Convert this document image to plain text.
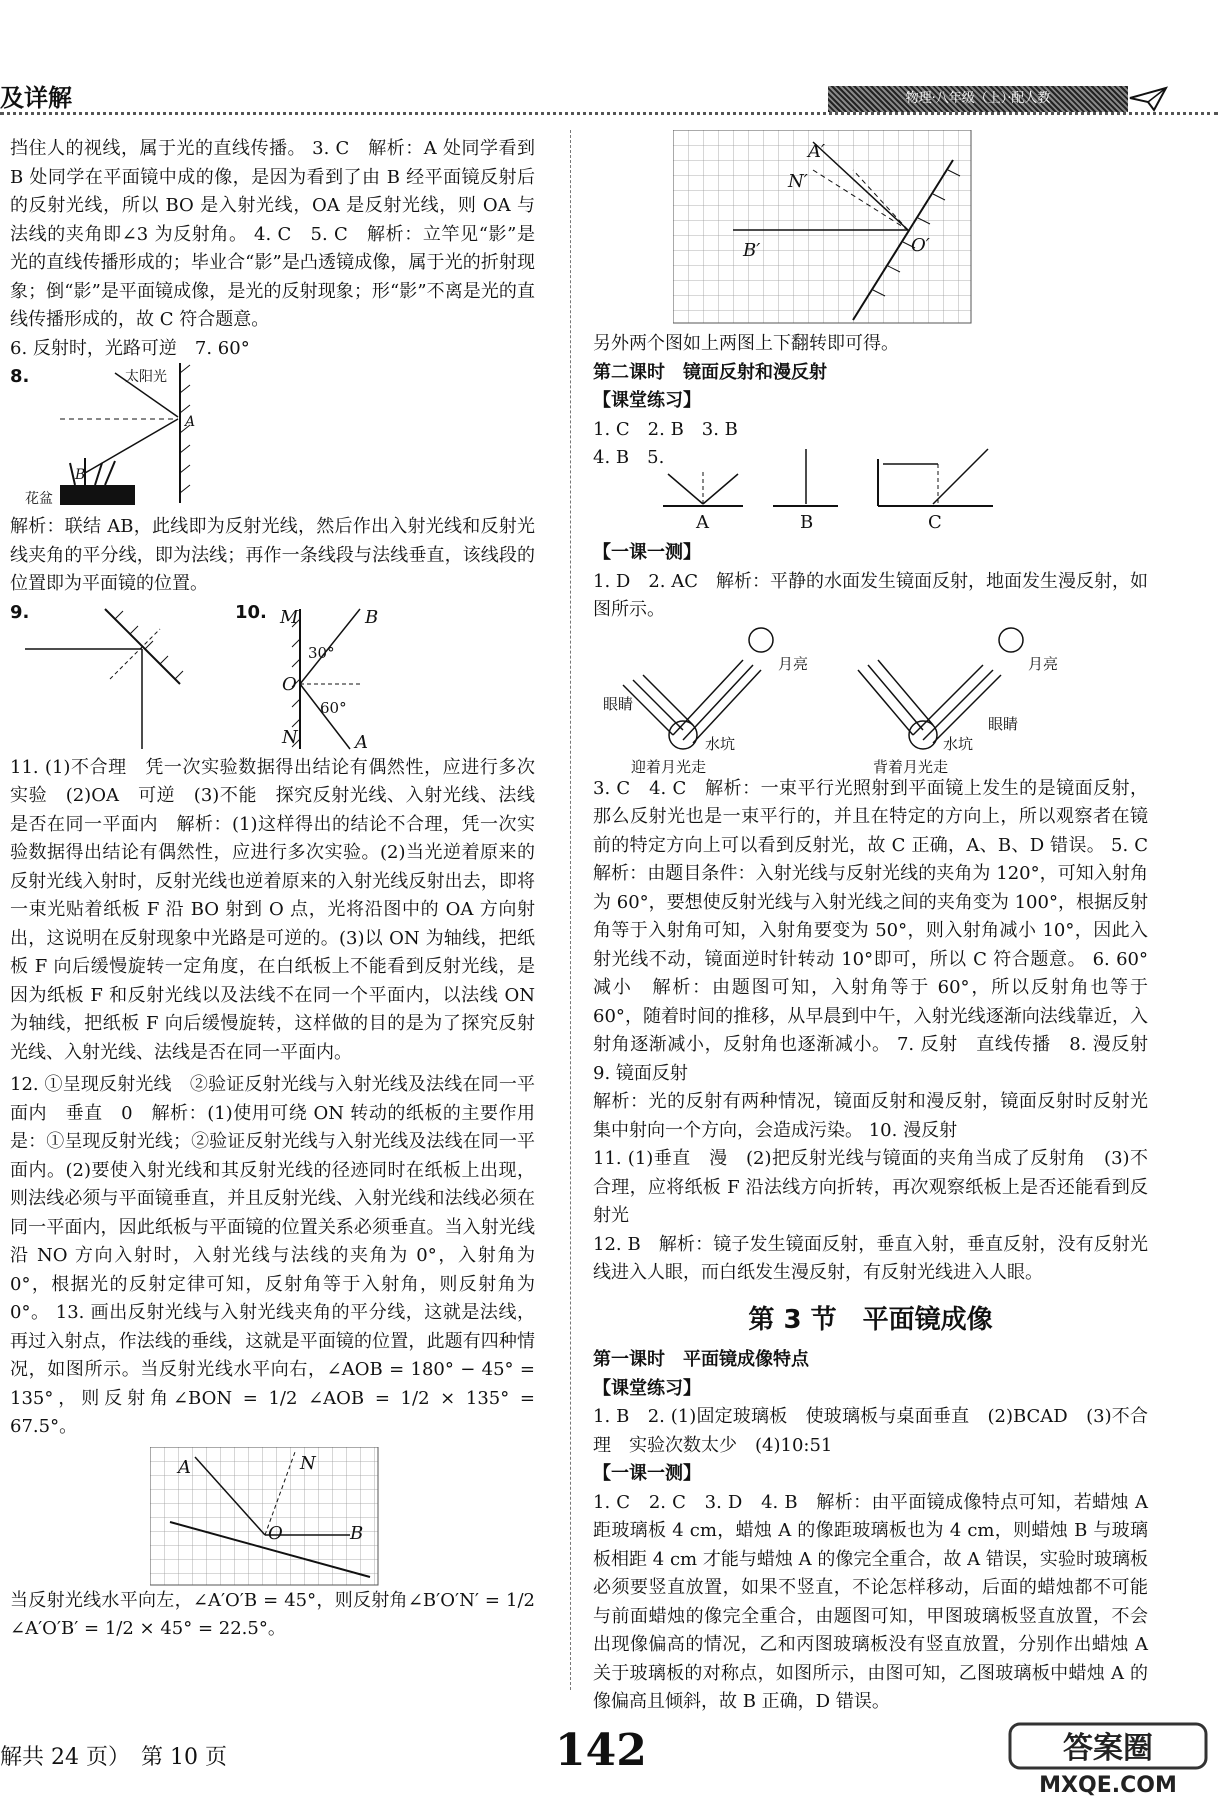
及详解	物理·八年级（上）·配人教

挡住人的视线，属于光的直线传播。 3. C　解析：A 处同学看到 B 处同学在平面镜中成的像，是因为看到了由 B 经平面镜反射后的反射光线，所以 BO 是入射光线，OA 是反射光线，则 OA 与法线的夹角即∠3 为反射角。 4. C　5. C　解析：立竿见“影”是光的直线传播形成的；毕业合“影”是凸透镜成像，属于光的折射现象；倒“影”是平面镜成像，是光的反射现象；形“影”不离是光的直线传播形成的，故 C 符合题意。

6. 反射时，光路可逆　7. 60°

8.	太阳光
A
B
花盆

解析：联结 AB，此线即为反射光线，然后作出入射光线和反射光线夹角的平分线，即为法线；再作一条线段与法线垂直，该线段的位置即为平面镜的位置。

9.	10. M	B
30°
O
60°
N	A

11. (1)不合理　凭一次实验数据得出结论有偶然性，应进行多次实验　(2)OA　可逆　(3)不能　探究反射光线、入射光线、法线是否在同一平面内　解析：(1)这样得出的结论不合理，凭一次实验数据得出结论有偶然性，应进行多次实验。(2)当光逆着原来的反射光线入射时，反射光线也逆着原来的入射光线反射出去，即将一束光贴着纸板 F 沿 BO 射到 O 点，光将沿图中的 OA 方向射出，这说明在反射现象中光路是可逆的。(3)以 ON 为轴线，把纸板 F 向后缓慢旋转一定角度，在白纸板上不能看到反射光线，是因为纸板 F 和反射光线以及法线不在同一个平面内，以法线 ON 为轴线，把纸板 F 向后缓慢旋转，这样做的目的是为了探究反射光线、入射光线、法线是否在同一平面内。

12. ①呈现反射光线　②验证反射光线与入射光线及法线在同一平面内　垂直　0　解析：(1)使用可绕 ON 转动的纸板的主要作用是：①呈现反射光线；②验证反射光线与入射光线及法线在同一平面内。(2)要使入射光线和其反射光线的径迹同时在纸板上出现，则法线必须与平面镜垂直，并且反射光线、入射光线和法线必须在同一平面内，因此纸板与平面镜的位置关系必须垂直。当入射光线沿 NO 方向入射时，入射光线与法线的夹角为 0°，入射角为 0°，根据光的反射定律可知，反射角等于入射角，则反射角为 0°。 13. 画出反射光线与入射光线夹角的平分线，这就是法线，再过入射点，作法线的垂线，这就是平面镜的位置，此题有四种情况，如图所示。当反射光线水平向右，∠AOB = 180° − 45° = 135°，则反射角∠BON = 1/2 ∠AOB = 1/2 × 135° = 67.5°。

A	N
O	B

当反射光线水平向左，∠A′O′B = 45°，则反射角∠B′O′N′ = 1/2 ∠A′O′B′ = 1/2 × 45° = 22.5°。

A′
N′
B′	O′

另外两个图如上两图上下翻转即可得。

第二课时　镜面反射和漫反射

【课堂练习】

1. C　2. B　3. B

4. B　5.
A	B	C

【一课一测】

1. D　2. AC　解析：平静的水面发生镜面反射，地面发生漫反射，如图所示。

月亮
眼睛
水坑
迎着月光走
月亮
眼睛
水坑
背着月光走

3. C　4. C　解析：一束平行光照射到平面镜上发生的是镜面反射，那么反射光也是一束平行的，并且在特定的方向上，所以观察者在镜前的特定方向上可以看到反射光，故 C 正确，A、B、D 错误。 5. C　解析：由题目条件：入射光线与反射光线的夹角为 120°，可知入射角为 60°，要想使反射光线与入射光线之间的夹角变为 100°，根据反射角等于入射角可知，入射角要变为 50°，则入射角减小 10°，因此入射光线不动，镜面逆时针转动 10°即可，所以 C 符合题意。 6. 60°　减小　解析：由题图可知，入射角等于 60°，所以反射角也等于 60°，随着时间的推移，从早晨到中午，入射光线逐渐向法线靠近，入射角逐渐减小，反射角也逐渐减小。 7. 反射　直线传播　8. 漫反射　9. 镜面反射

解析：光的反射有两种情况，镜面反射和漫反射，镜面反射时反射光集中射向一个方向，会造成污染。 10. 漫反射

11. (1)垂直　漫　(2)把反射光线与镜面的夹角当成了反射角　(3)不合理，应将纸板 F 沿法线方向折转，再次观察纸板上是否还能看到反射光

12. B　解析：镜子发生镜面反射，垂直入射，垂直反射，没有反射光线进入人眼，而白纸发生漫反射，有反射光线进入人眼。

第 3 节　平面镜成像

第一课时　平面镜成像特点

【课堂练习】

1. B　2. (1)固定玻璃板　使玻璃板与桌面垂直　(2)BCAD　(3)不合理　实验次数太少　(4)10:51

【一课一测】

1. C　2. C　3. D　4. B　解析：由平面镜成像特点可知，若蜡烛 A 距玻璃板 4 cm，蜡烛 A 的像距玻璃板也为 4 cm，则蜡烛 B 与玻璃板相距 4 cm 才能与蜡烛 A 的像完全重合，故 A 错误，实验时玻璃板必须要竖直放置，如果不竖直，不论怎样移动，后面的蜡烛都不可能与前面蜡烛的像完全重合，由题图可知，甲图玻璃板竖直放置，不会出现像偏高的情况，乙和丙图玻璃板没有竖直放置，分别作出蜡烛 A 关于玻璃板的对称点，如图所示，由图可知，乙图玻璃板中蜡烛 A 的像偏高且倾斜，故 B 正确，D 错误。

解共 24 页）　第 10 页	142	答案圈
MXQE.COM
